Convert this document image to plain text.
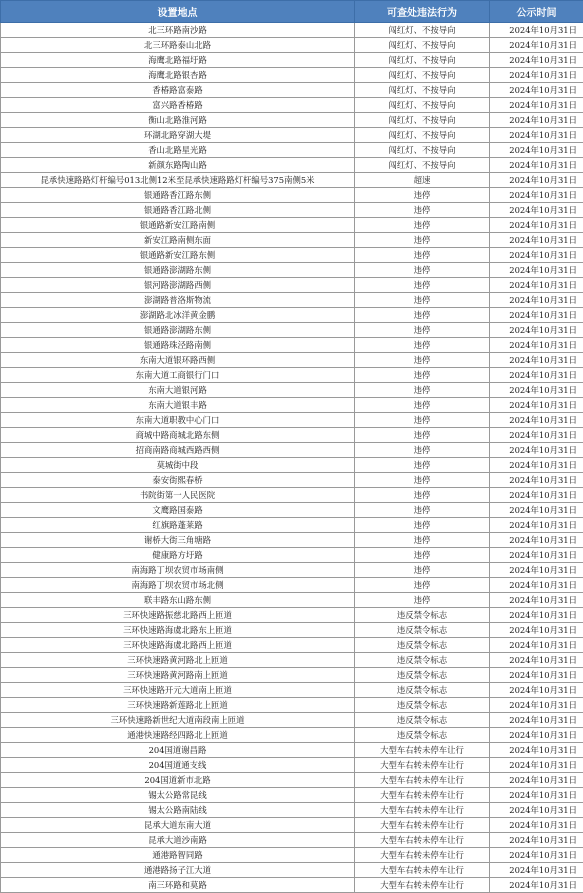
设置地点	可查处违法行为	公示时间
北三环路南沙路	闯红灯、不按导向	2024年10月31日
北三环路泰山北路	闯红灯、不按导向	2024年10月31日
海鹰北路福圩路	闯红灯、不按导向	2024年10月31日
海鹰北路银杏路	闯红灯、不按导向	2024年10月31日
香椿路富泰路	闯红灯、不按导向	2024年10月31日
富兴路香椿路	闯红灯、不按导向	2024年10月31日
衡山北路淮河路	闯红灯、不按导向	2024年10月31日
环湖北路穿湖大堤	闯红灯、不按导向	2024年10月31日
香山北路星光路	闯红灯、不按导向	2024年10月31日
新颜东路陶山路	闯红灯、不按导向	2024年10月31日
昆承快速路路灯杆编号013北侧12米至昆承快速路路灯杆编号375南侧5米	超速	2024年10月31日
银通路香江路东侧	违停	2024年10月31日
银通路香江路北侧	违停	2024年10月31日
银通路新安江路南侧	违停	2024年10月31日
新安江路南侧东面	违停	2024年10月31日
银通路新安江路东侧	违停	2024年10月31日
银通路澎湖路东侧	违停	2024年10月31日
银河路澎湖路西侧	违停	2024年10月31日
澎湖路普洛斯物流	违停	2024年10月31日
澎湖路北冰洋黄金鹏	违停	2024年10月31日
银通路澎湖路东侧	违停	2024年10月31日
银通路珠泾路南侧	违停	2024年10月31日
东南大道银环路西侧	违停	2024年10月31日
东南大道工商银行门口	违停	2024年10月31日
东南大道银河路	违停	2024年10月31日
东南大道银丰路	违停	2024年10月31日
东南大道职教中心门口	违停	2024年10月31日
商城中路商城北路东侧	违停	2024年10月31日
招商南路商城西路西侧	违停	2024年10月31日
莫城街中段	违停	2024年10月31日
泰安街熙春桥	违停	2024年10月31日
书院街第一人民医院	违停	2024年10月31日
文鹰路国泰路	违停	2024年10月31日
红旗路蓬莱路	违停	2024年10月31日
谢桥大街三角塘路	违停	2024年10月31日
健康路方圩路	违停	2024年10月31日
南海路丁坝农贸市场南侧	违停	2024年10月31日
南海路丁坝农贸市场北侧	违停	2024年10月31日
联丰路东山路东侧	违停	2024年10月31日
三环快速路振慈北路西上匝道	违反禁令标志	2024年10月31日
三环快速路海虞北路东上匝道	违反禁令标志	2024年10月31日
三环快速路海虞北路西上匝道	违反禁令标志	2024年10月31日
三环快速路黄河路北上匝道	违反禁令标志	2024年10月31日
三环快速路黄河路南上匝道	违反禁令标志	2024年10月31日
三环快速路开元大道南上匝道	违反禁令标志	2024年10月31日
三环快速路新莲路北上匝道	违反禁令标志	2024年10月31日
三环快速路新世纪大道南段南上匝道	违反禁令标志	2024年10月31日
通港快速路经四路北上匝道	违反禁令标志	2024年10月31日
204国道谢昌路	大型车右转未停车让行	2024年10月31日
204国道通支线	大型车右转未停车让行	2024年10月31日
204国道新市北路	大型车右转未停车让行	2024年10月31日
锡太公路常昆线	大型车右转未停车让行	2024年10月31日
锡太公路南陆线	大型车右转未停车让行	2024年10月31日
昆承大道东南大道	大型车右转未停车让行	2024年10月31日
昆承大道沙南路	大型车右转未停车让行	2024年10月31日
通港路智同路	大型车右转未停车让行	2024年10月31日
通港路扬子江大道	大型车右转未停车让行	2024年10月31日
南三环路和莫路	大型车右转未停车让行	2024年10月31日
